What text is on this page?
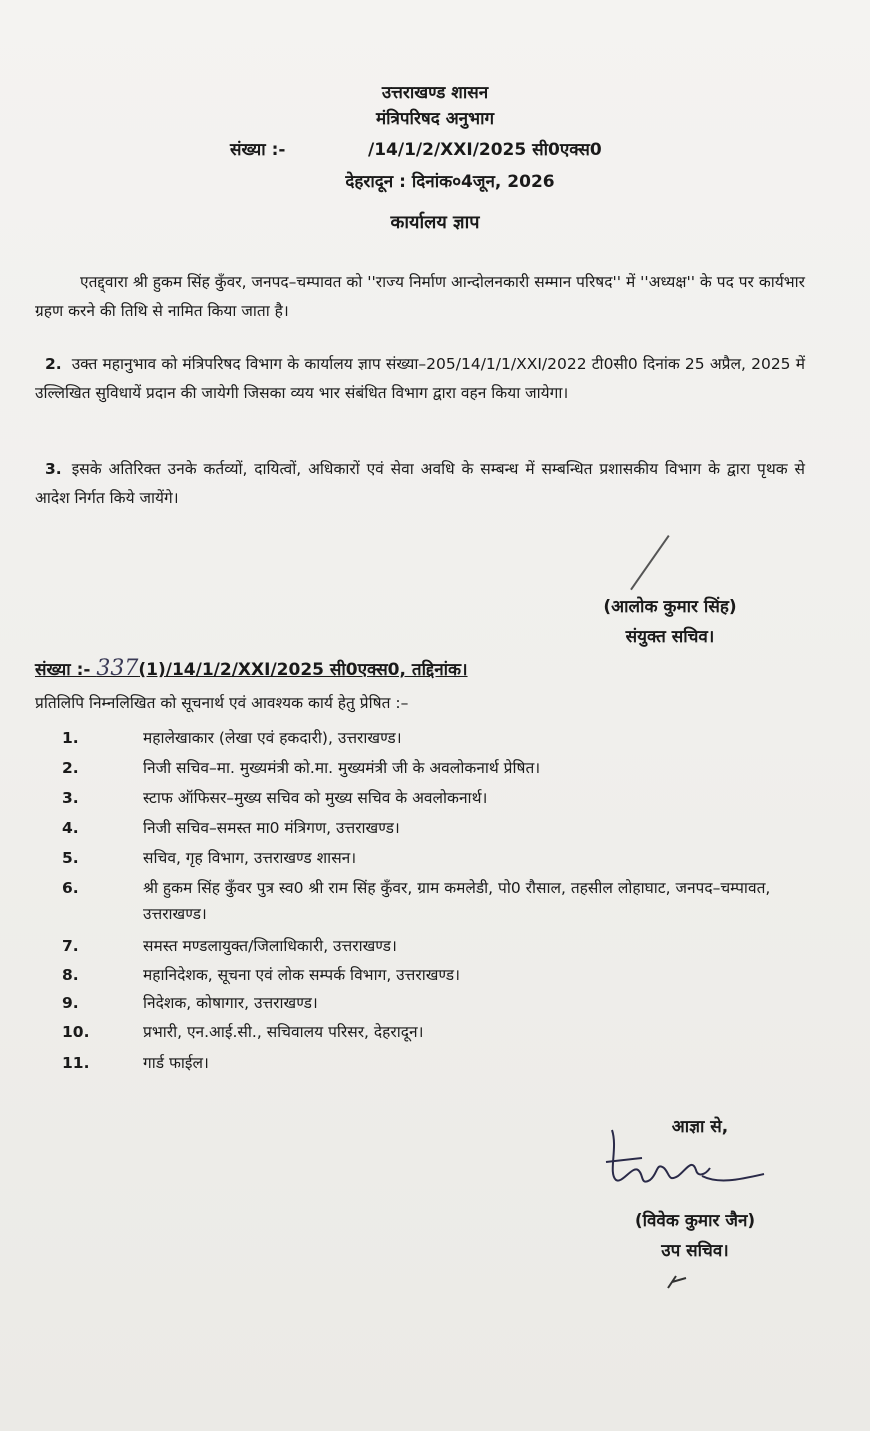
उत्तराखण्ड शासन
मंत्रिपरिषद अनुभाग
संख्या :-	/14/1/2/XXI/2025 सी0एक्स0
देहरादून : दिनांक०4जून, 2026
कार्यालय ज्ञाप
एतद्द्वारा श्री हुकम सिंह कुँवर, जनपद–चम्पावत को ''राज्य निर्माण आन्दोलनकारी सम्मान परिषद'' में ''अध्यक्ष'' के पद पर कार्यभार ग्रहण करने की तिथि से नामित किया जाता है।
2. उक्त महानुभाव को मंत्रिपरिषद विभाग के कार्यालय ज्ञाप संख्या–205/14/1/1/XXI/2022 टी0सी0 दिनांक 25 अप्रैल, 2025 में उल्लिखित सुविधायें प्रदान की जायेगी जिसका व्यय भार संबंधित विभाग द्वारा वहन किया जायेगा।
3. इसके अतिरिक्त उनके कर्तव्यों, दायित्वों, अधिकारों एवं सेवा अवधि के सम्बन्ध में सम्बन्धित प्रशासकीय विभाग के द्वारा पृथक से आदेश निर्गत किये जायेंगे।
(आलोक कुमार सिंह)
संयुक्त सचिव।
संख्या :- 337(1)/14/1/2/XXI/2025 सी0एक्स0, तद्दिनांक।
प्रतिलिपि निम्नलिखित को सूचनार्थ एवं आवश्यक कार्य हेतु प्रेषित :–
1.	महालेखाकार (लेखा एवं हकदारी), उत्तराखण्ड।
2.	निजी सचिव–मा. मुख्यमंत्री को.मा. मुख्यमंत्री जी के अवलोकनार्थ प्रेषित।
3.	स्टाफ ऑफिसर–मुख्य सचिव को मुख्य सचिव के अवलोकनार्थ।
4.	निजी सचिव–समस्त मा0 मंत्रिगण, उत्तराखण्ड।
5.	सचिव, गृह विभाग, उत्तराखण्ड शासन।
6.	श्री हुकम सिंह कुँवर पुत्र स्व0 श्री राम सिंह कुँवर, ग्राम कमलेडी, पो0 रौसाल, तहसील लोहाघाट, जनपद–चम्पावत, उत्तराखण्ड।
7.	समस्त मण्डलायुक्त/जिलाधिकारी, उत्तराखण्ड।
8.	महानिदेशक, सूचना एवं लोक सम्पर्क विभाग, उत्तराखण्ड।
9.	निदेशक, कोषागार, उत्तराखण्ड।
10.	प्रभारी, एन.आई.सी., सचिवालय परिसर, देहरादून।
11.	गार्ड फाईल।
आज्ञा से,
(विवेक कुमार जैन)
उप सचिव।
